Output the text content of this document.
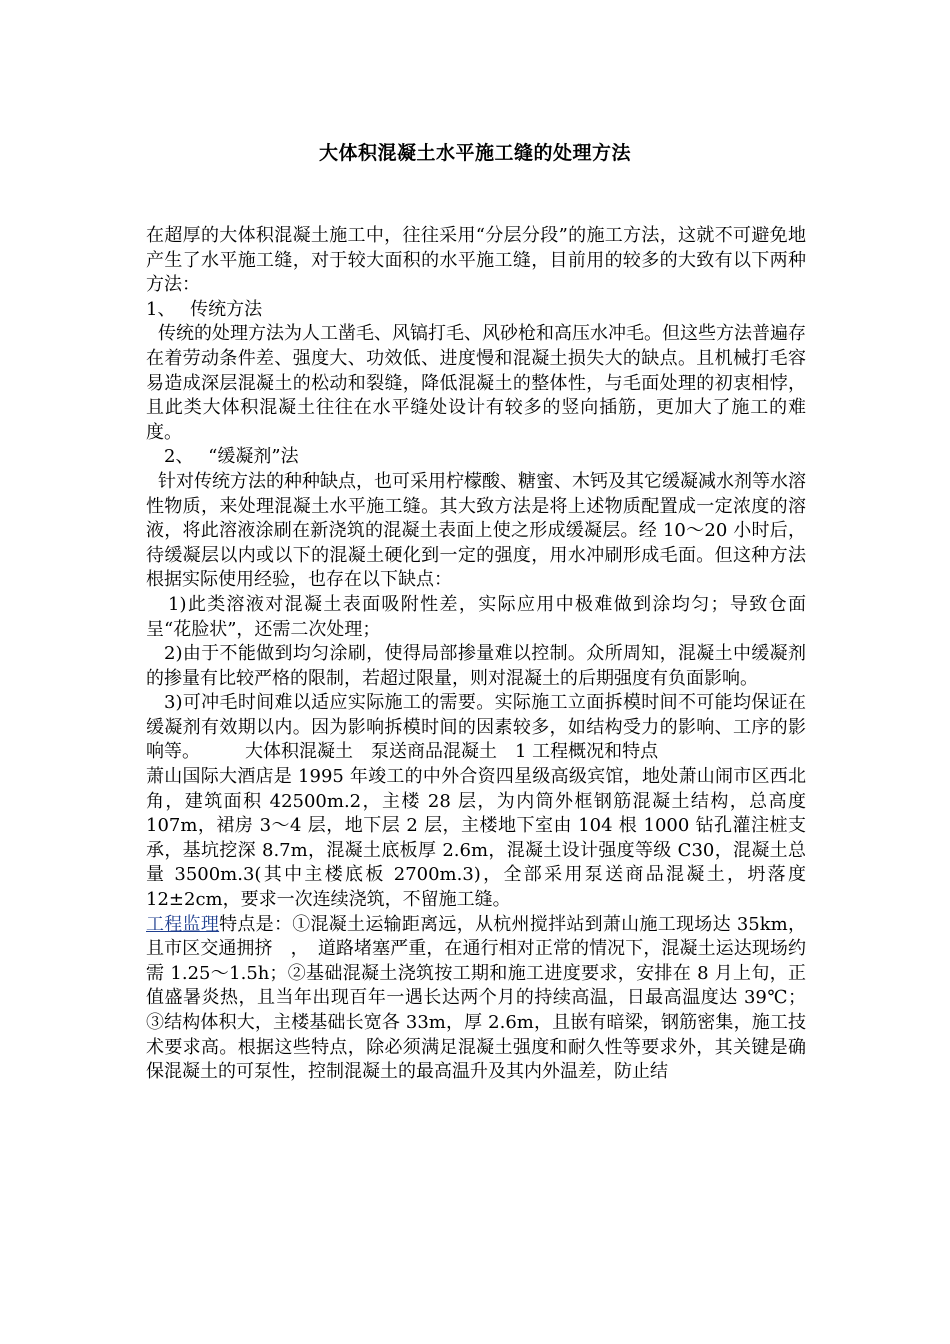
大体积混凝土水平施工缝的处理方法

在超厚的大体积混凝土施工中，往往采用“分层分段”的施工方法，这就不可避免地产生了水平施工缝，对于较大面积的水平施工缝，目前用的较多的大致有以下两种方法：

1、　 传统方法

传统的处理方法为人工凿毛、风镐打毛、风砂枪和高压水冲毛。但这些方法普遍存在着劳动条件差、强度大、功效低、进度慢和混凝土损失大的缺点。且机械打毛容易造成深层混凝土的松动和裂缝，降低混凝土的整体性，与毛面处理的初衷相悖，且此类大体积混凝土往往在水平缝处设计有较多的竖向插筋，更加大了施工的难度。

2、　 “缓凝剂”法

针对传统方法的种种缺点，也可采用柠檬酸、糖蜜、木钙及其它缓凝减水剂等水溶性物质，来处理混凝土水平施工缝。其大致方法是将上述物质配置成一定浓度的溶液，将此溶液涂刷在新浇筑的混凝土表面上使之形成缓凝层。经 10～20 小时后，待缓凝层以内或以下的混凝土硬化到一定的强度，用水冲刷形成毛面。但这种方法根据实际使用经验，也存在以下缺点：

1)此类溶液对混凝土表面吸附性差，实际应用中极难做到涂均匀；导致仓面呈“花脸状”，还需二次处理；

2)由于不能做到均匀涂刷，使得局部掺量难以控制。众所周知，混凝土中缓凝剂的掺量有比较严格的限制，若超过限量，则对混凝土的后期强度有负面影响。

3)可冲毛时间难以适应实际施工的需要。实际施工立面拆模时间不可能均保证在缓凝剂有效期以内。因为影响拆模时间的因素较多，如结构受力的影响、工序的影响等。　　　大体积混凝土　泵送商品混凝土　1 工程概况和特点

萧山国际大酒店是 1995 年竣工的中外合资四星级高级宾馆，地处萧山闹市区西北角，建筑面积 42500m.2，主楼 28 层，为内筒外框钢筋混凝土结构，总高度 107m，裙房 3～4 层，地下层 2 层，主楼地下室由 104 根 1000 钻孔灌注桩支承，基坑挖深 8.7m，混凝土底板厚 2.6m，混凝土设计强度等级 C30，混凝土总量 3500m.3(其中主楼底板 2700m.3)，全部采用泵送商品混凝土，坍落度 12±2cm，要求一次连续浇筑，不留施工缝。

工程监理特点是：①混凝土运输距离远，从杭州搅拌站到萧山施工现场达 35km，且市区交通拥挤　，　道路堵塞严重，在通行相对正常的情况下，混凝土运达现场约需 1.25～1.5h；②基础混凝土浇筑按工期和施工进度要求，安排在 8 月上旬，正值盛暑炎热，且当年出现百年一遇长达两个月的持续高温，日最高温度达 39℃；③结构体积大，主楼基础长宽各 33m，厚 2.6m，且嵌有暗梁，钢筋密集，施工技术要求高。根据这些特点，除必须满足混凝土强度和耐久性等要求外，其关键是确保混凝土的可泵性，控制混凝土的最高温升及其内外温差，防止结
